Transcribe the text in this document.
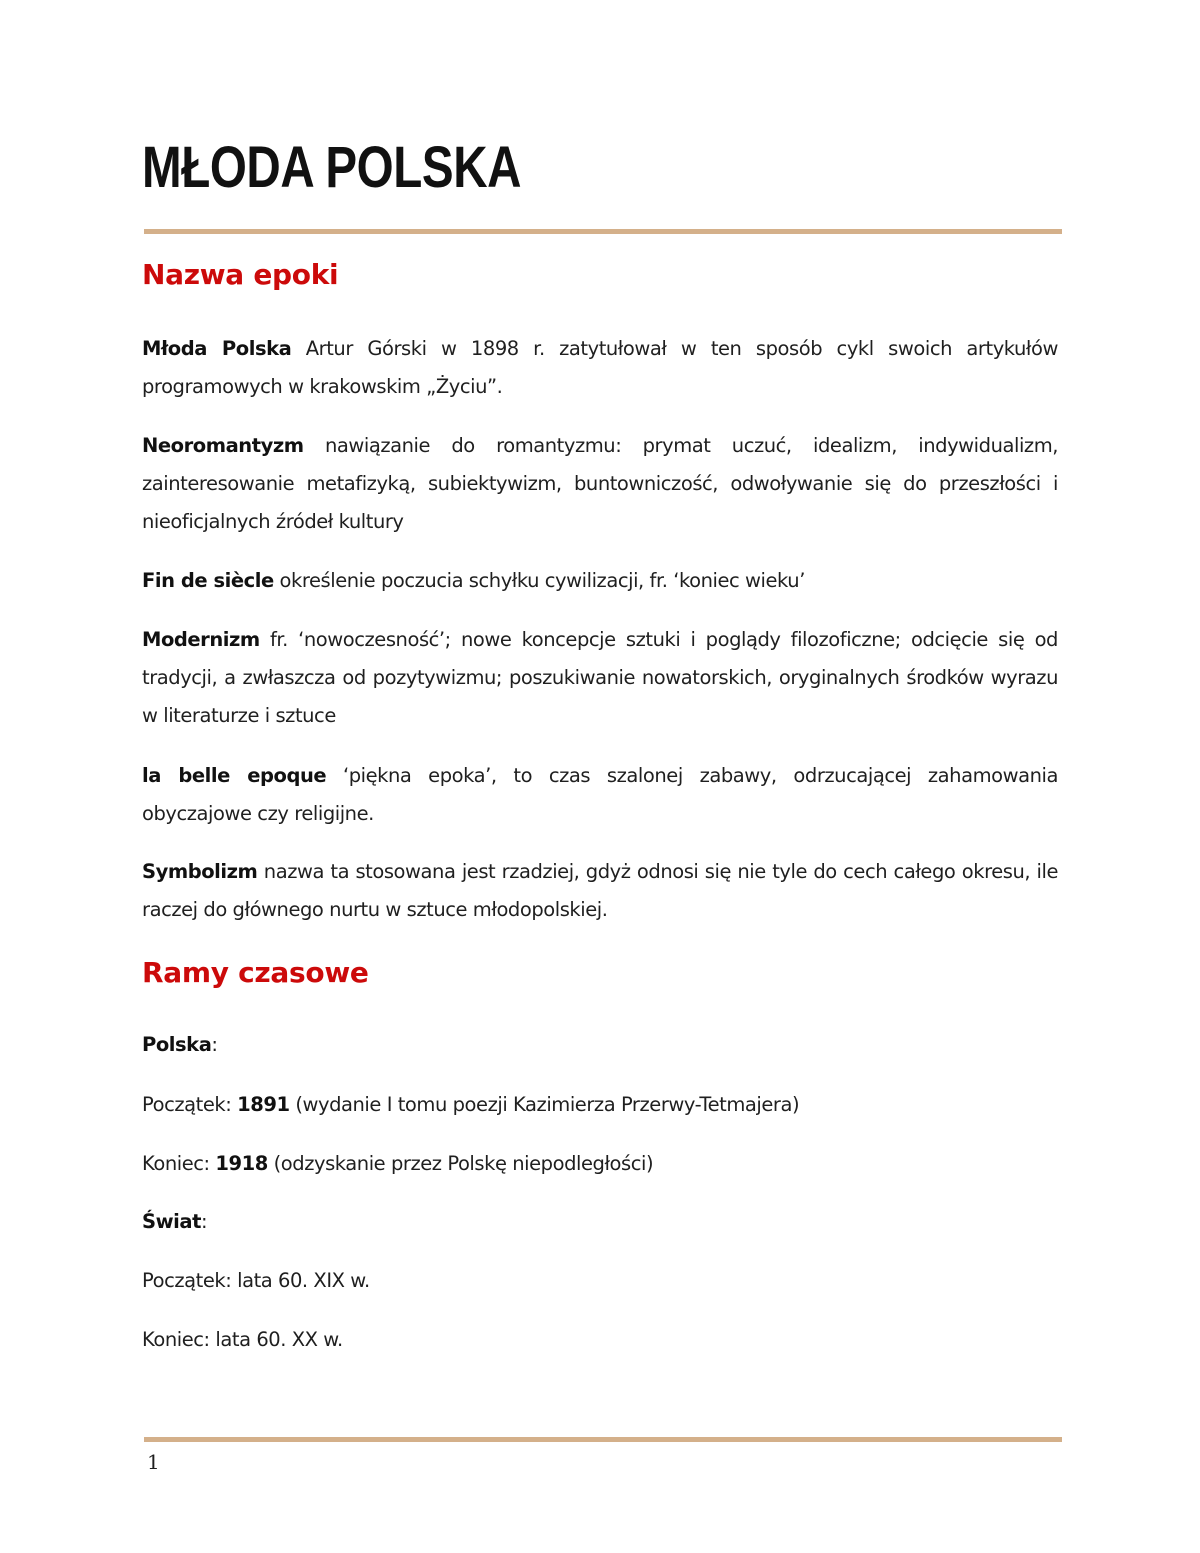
MŁODA POLSKA
Nazwa epoki

Młoda Polska Artur Górski w 1898 r. zatytułował w ten sposób cykl swoich artykułów programowych w krakowskim „Życiu”.

Neoromantyzm nawiązanie do romantyzmu: prymat uczuć, idealizm, indywidualizm, zainteresowanie metafizyką, subiektywizm, buntowniczość, odwoływanie się do przeszłości i nieoficjalnych źródeł kultury

Fin de siècle określenie poczucia schyłku cywilizacji, fr. ‘koniec wieku’

Modernizm fr. ‘nowoczesność’; nowe koncepcje sztuki i poglądy filozoficzne; odcięcie się od tradycji, a zwłaszcza od pozytywizmu; poszukiwanie nowatorskich, oryginalnych środków wyrazu w literaturze i sztuce

la belle epoque ‘piękna epoka’, to czas szalonej zabawy, odrzucającej zahamowania obyczajowe czy religijne.

Symbolizm nazwa ta stosowana jest rzadziej, gdyż odnosi się nie tyle do cech całego okresu, ile raczej do głównego nurtu w sztuce młodopolskiej.

Ramy czasowe

Polska:

Początek: 1891 (wydanie I tomu poezji Kazimierza Przerwy-Tetmajera)

Koniec: 1918 (odzyskanie przez Polskę niepodległości)

Świat:

Początek: lata 60. XIX w.

Koniec: lata 60. XX w.

1
